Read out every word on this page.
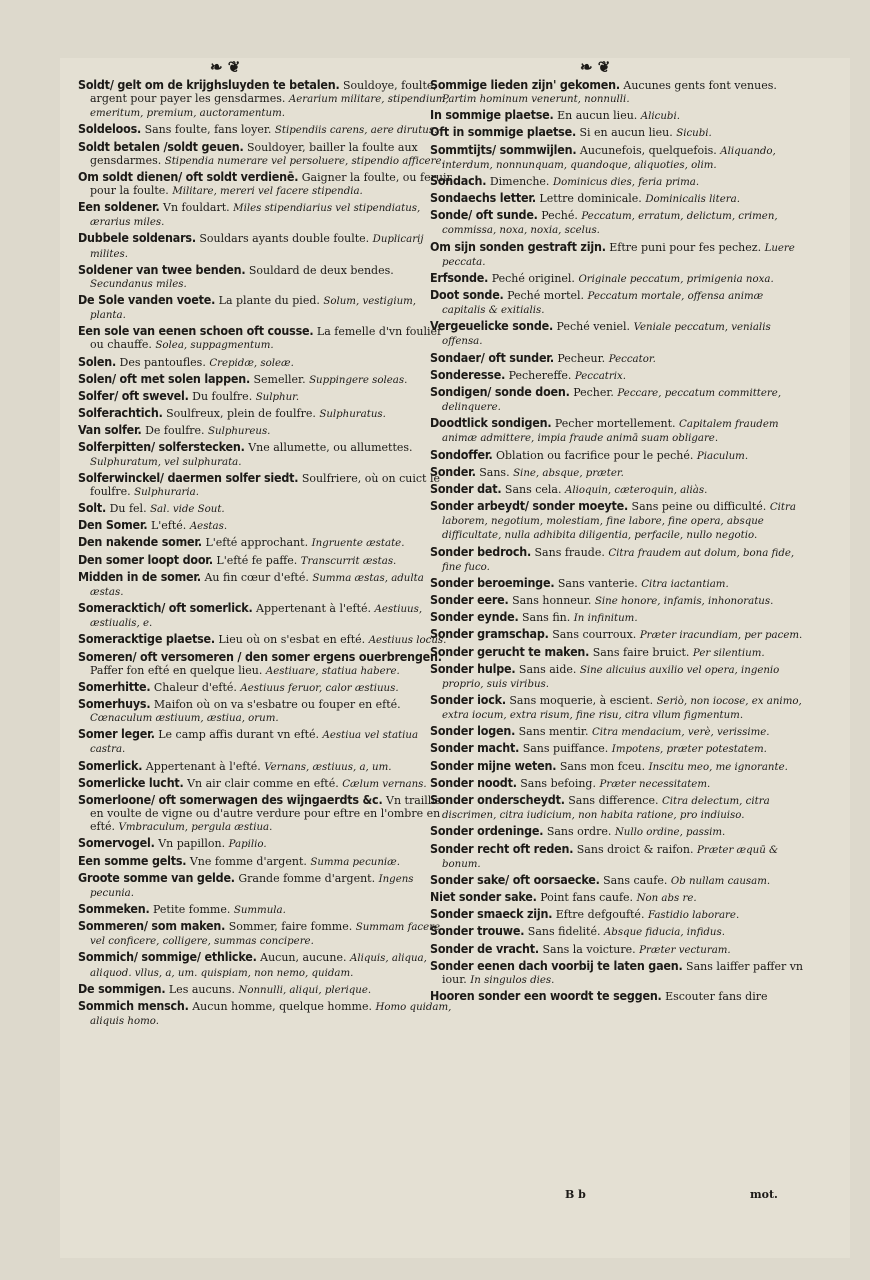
❧ ❦	❧ ❦
Soldt/ gelt om de krijghsluyden te betalen. Souldoye, foulte, argent pour payer les gensdarmes. Aerarium militare, stipendium, emeritum, premium, auctoramentum.
Soldeloos. Sans foulte, fans loyer. Stipendiis carens, aere dirutus.
Soldt betalen /soldt geuen. Souldoyer, bailler la foulte aux gensdarmes. Stipendia numerare vel persoluere, stipendio afficere.
Om soldt dienen/ oft soldt verdienē. Gaigner la foulte, ou feruir pour la foulte. Militare, mereri vel facere stipendia.
Een soldener. Vn fouldart. Miles stipendiarius vel stipendiatus, ærarius miles.
Dubbele soldenars. Souldars ayants double foulte. Duplicarij milites.
Soldener van twee benden. Souldard de deux bendes. Secundanus miles.
De Sole vanden voete. La plante du pied. Solum, vestigium, planta.
Een sole van eenen schoen oft cousse. La femelle d'vn foulier ou chauffe. Solea, suppagmentum.
Solen. Des pantoufles. Crepidæ, soleæ.
Solen/ oft met solen lappen. Semeller. Suppingere soleas.
Solfer/ oft swevel. Du foulfre. Sulphur.
Solferachtich. Soulfreux, plein de foulfre. Sulphuratus.
Van solfer. De foulfre. Sulphureus.
Solferpitten/ solferstecken. Vne allumette, ou allumettes. Sulphuratum, vel sulphurata.
Solferwinckel/ daermen solfer siedt. Soulfriere, où on cuict le foulfre. Sulphuraria.
Solt. Du fel. Sal. vide Sout.
Den Somer. L'efté. Aestas.
Den nakende somer. L'efté approchant. Ingruente æstate.
Den somer loopt door. L'efté fe paffe. Transcurrit æstas.
Midden in de somer. Au fin cœur d'efté. Summa æstas, adulta æstas.
Someracktich/ oft somerlick. Appertenant à l'efté. Aestiuus, æstiualis, e.
Someracktige plaetse. Lieu où on s'esbat en efté. Aestiuus locus.
Someren/ oft versomeren / den somer ergens ouerbrengen. Paffer fon efté en quelque lieu. Aestiuare, statiua habere.
Somerhitte. Chaleur d'efté. Aestiuus feruor, calor æstiuus.
Somerhuys. Maifon où on va s'esbatre ou fouper en efté. Cœnaculum æstiuum, æstiua, orum.
Somer leger. Le camp affis durant vn efté. Aestiua vel statiua castra.
Somerlick. Appertenant à l'efté. Vernans, æstiuus, a, um.
Somerlicke lucht. Vn air clair comme en efté. Cælum vernans.
Somerloone/ oft somerwagen des wijngaerdts &c. Vn traillis en voulte de vigne ou d'autre verdure pour eftre en l'ombre en efté. Vmbraculum, pergula æstiua.
Somervogel. Vn papillon. Papilio.
Een somme gelts. Vne fomme d'argent. Summa pecuniæ.
Groote somme van gelde. Grande fomme d'argent. Ingens pecunia.
Sommeken. Petite fomme. Summula.
Sommeren/ som maken. Sommer, faire fomme. Summam facere vel conficere, colligere, summas concipere.
Sommich/ sommige/ ethlicke. Aucun, aucune. Aliquis, aliqua, aliquod. vllus, a, um. quispiam, non nemo, quidam.
De sommigen. Les aucuns. Nonnulli, aliqui, plerique.
Sommich mensch. Aucun homme, quelque homme. Homo quidam, aliquis homo.
Sommige lieden zijn' gekomen. Aucunes gents font venues. Partim hominum venerunt, nonnulli.
In sommige plaetse. En aucun lieu. Alicubi.
Oft in sommige plaetse. Si en aucun lieu. Sicubi.
Sommtijts/ sommwijlen. Aucunefois, quelquefois. Aliquando, interdum, nonnunquam, quandoque, aliquoties, olim.
Sondach. Dimenche. Dominicus dies, feria prima.
Sondaechs letter. Lettre dominicale. Dominicalis litera.
Sonde/ oft sunde. Peché. Peccatum, erratum, delictum, crimen, commissa, noxa, noxia, scelus.
Om sijn sonden gestraft zijn. Eftre puni pour fes pechez. Luere peccata.
Erfsonde. Peché originel. Originale peccatum, primigenia noxa.
Doot sonde. Peché mortel. Peccatum mortale, offensa animæ capitalis & exitialis.
Vergeuelicke sonde. Peché veniel. Veniale peccatum, venialis offensa.
Sondaer/ oft sunder. Pecheur. Peccator.
Sonderesse. Pechereffe. Peccatrix.
Sondigen/ sonde doen. Pecher. Peccare, peccatum committere, delinquere.
Doodtlick sondigen. Pecher mortellement. Capitalem fraudem animæ admittere, impia fraude animā suam obligare.
Sondoffer. Oblation ou facrifice pour le peché. Piaculum.
Sonder. Sans. Sine, absque, præter.
Sonder dat. Sans cela. Alioquin, cæteroquin, aliàs.
Sonder arbeydt/ sonder moeyte. Sans peine ou difficulté. Citra laborem, negotium, molestiam, fine labore, fine opera, absque difficultate, nulla adhibita diligentia, perfacile, nullo negotio.
Sonder bedroch. Sans fraude. Citra fraudem aut dolum, bona fide, fine fuco.
Sonder beroeminge. Sans vanterie. Citra iactantiam.
Sonder eere. Sans honneur. Sine honore, infamis, inhonoratus.
Sonder eynde. Sans fin. In infinitum.
Sonder gramschap. Sans courroux. Præter iracundiam, per pacem.
Sonder gerucht te maken. Sans faire bruict. Per silentium.
Sonder hulpe. Sans aide. Sine alicuius auxilio vel opera, ingenio proprio, suis viribus.
Sonder iock. Sans moquerie, à escient. Seriò, non iocose, ex animo, extra iocum, extra risum, fine risu, citra vllum figmentum.
Sonder logen. Sans mentir. Citra mendacium, verè, verissime.
Sonder macht. Sans puiffance. Impotens, præter potestatem.
Sonder mijne weten. Sans mon fceu. Inscitu meo, me ignorante.
Sonder noodt. Sans befoing. Præter necessitatem.
Sonder onderscheydt. Sans difference. Citra delectum, citra discrimen, citra iudicium, non habita ratione, pro indiuiso.
Sonder ordeninge. Sans ordre. Nullo ordine, passim.
Sonder recht oft reden. Sans droict & raifon. Præter æquū & bonum.
Sonder sake/ oft oorsaecke. Sans caufe. Ob nullam causam.
Niet sonder sake. Point fans caufe. Non abs re.
Sonder smaeck zijn. Eftre defgoufté. Fastidio laborare.
Sonder trouwe. Sans fidelité. Absque fiducia, infidus.
Sonder de vracht. Sans la voicture. Præter vecturam.
Sonder eenen dach voorbij te laten gaen. Sans laiffer paffer vn iour. In singulos dies.
Hooren sonder een woordt te seggen. Escouter fans dire
B b	mot.
